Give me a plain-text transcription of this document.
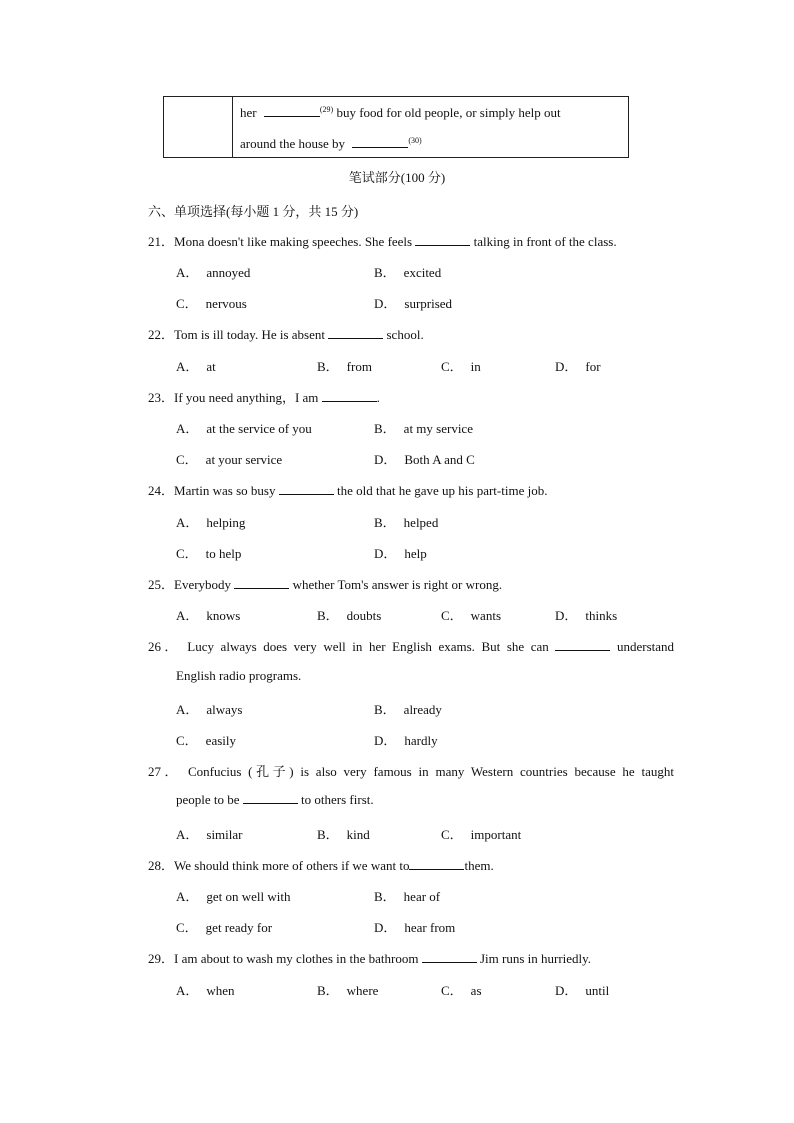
her	$^{(29)}$ buy food for old people, or simply help out
around the house by	$^{(30)}$
笔试部分(100 分)
六、单项选择(每小题 1 分，共 15 分)
21．Mona doesn't like making speeches. She feels	talking in front of the class.
A． annoyed	B． excited
C． nervous	D． surprised
22．Tom is ill today. He is absent	school.
A． at	B． from	C． in	D． for
23．If you need anything，I am	.
A． at the service of you	B． at my service
C． at your service	D． Both A and C
24．Martin was so busy	the old that he gave up his part-time job.
A． helping	B． helped
C． to help	D． help
25．Everybody	whether Tom's answer is right or wrong.
A． knows	B． doubts	C． wants	D． thinks
26． Lucy always does very well in her English exams. But she can	understand
English radio programs.
A． always	B． already
C． easily	D． hardly
27． Confucius (孔子) is also very famous in many Western countries because he taught
people to be	to others first.
A． similar	B． kind	C． important
28．We should think more of others if we want to	them.
A． get on well with	B． hear of
C． get ready for	D． hear from
29．I am about to wash my clothes in the bathroom	Jim runs in hurriedly.
A． when	B． where	C． as	D． until
